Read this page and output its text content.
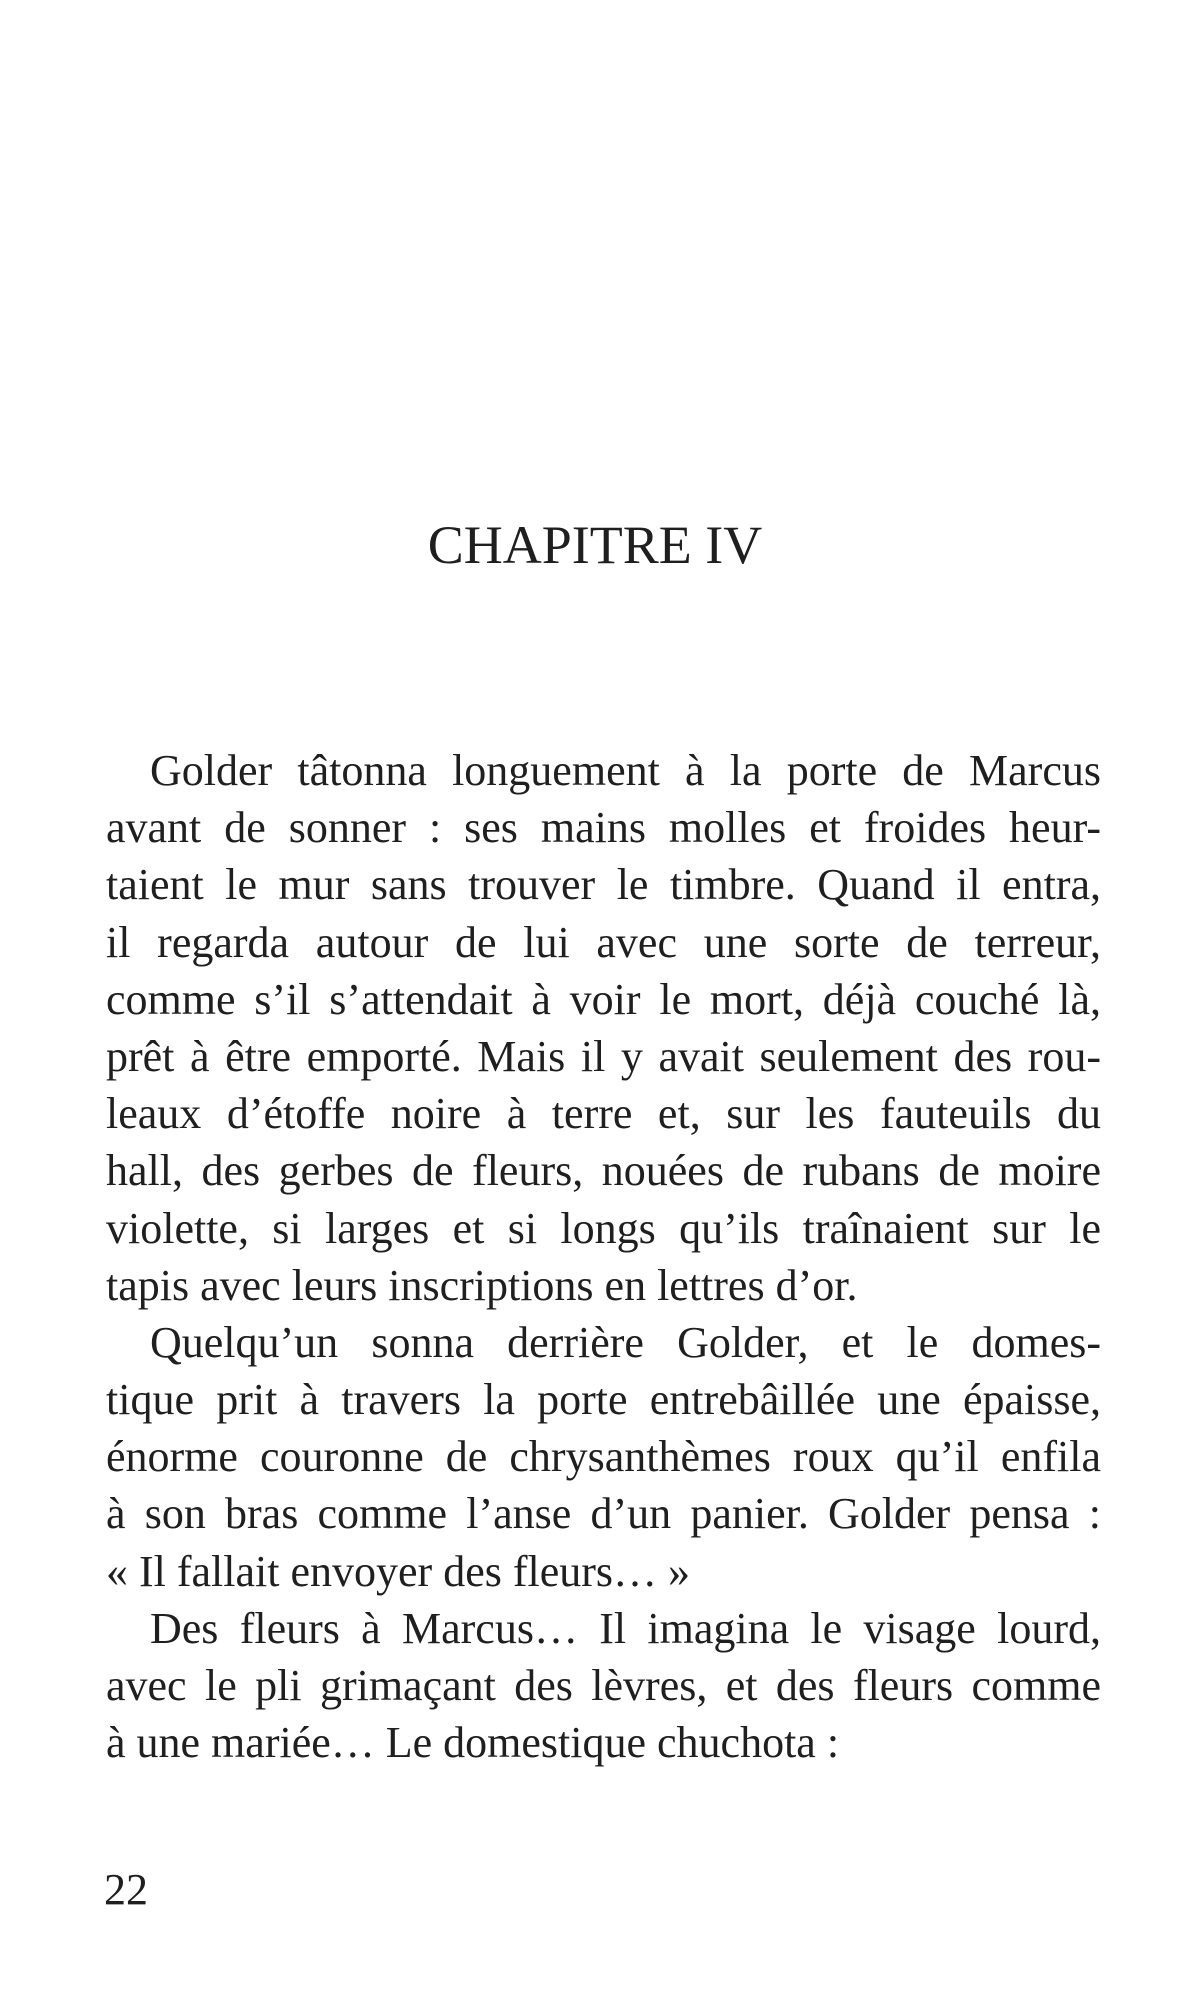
CHAPITRE IV
Golder tâtonna longuement à la porte de Marcus
avant de sonner : ses mains molles et froides heur-
taient le mur sans trouver le timbre. Quand il entra,
il regarda autour de lui avec une sorte de terreur,
comme s’il s’attendait à voir le mort, déjà couché là,
prêt à être emporté. Mais il y avait seulement des rou-
leaux d’étoffe noire à terre et, sur les fauteuils du
hall, des gerbes de fleurs, nouées de rubans de moire
violette, si larges et si longs qu’ils traînaient sur le
tapis avec leurs inscriptions en lettres d’or.
Quelqu’un sonna derrière Golder, et le domes-
tique prit à travers la porte entrebâillée une épaisse,
énorme couronne de chrysanthèmes roux qu’il enfila
à son bras comme l’anse d’un panier. Golder pensa :
« Il fallait envoyer des fleurs… »
Des fleurs à Marcus… Il imagina le visage lourd,
avec le pli grimaçant des lèvres, et des fleurs comme
à une mariée… Le domestique chuchota :
22
